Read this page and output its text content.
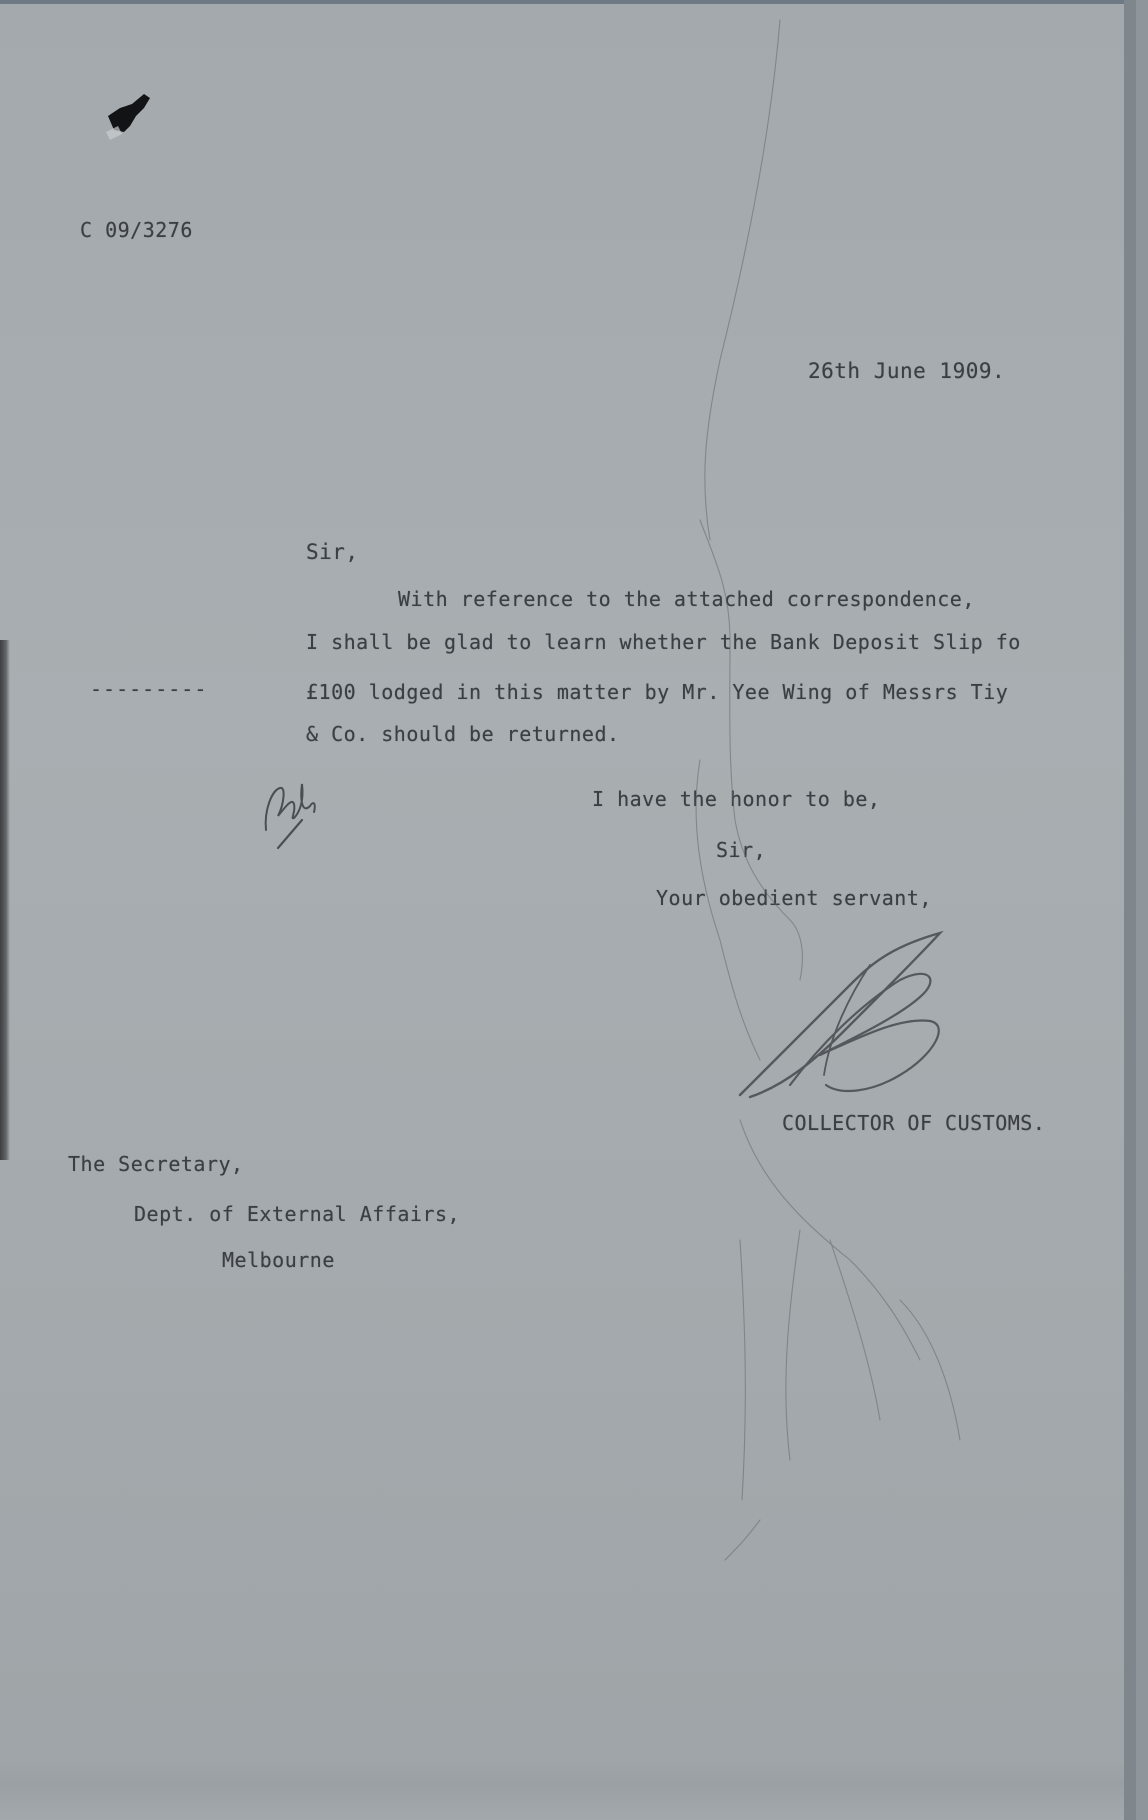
C 09/3276
26th June 1909.
Sir,
With reference to the attached correspondence,
I shall be glad to learn whether the Bank Deposit Slip fo
£100 lodged in this matter by Mr. Yee Wing of Messrs Tiy
& Co. should be returned.
---------
I have the honor to be,
Sir,
Your obedient servant,
COLLECTOR OF CUSTOMS.
The Secretary,
Dept. of External Affairs,
Melbourne
